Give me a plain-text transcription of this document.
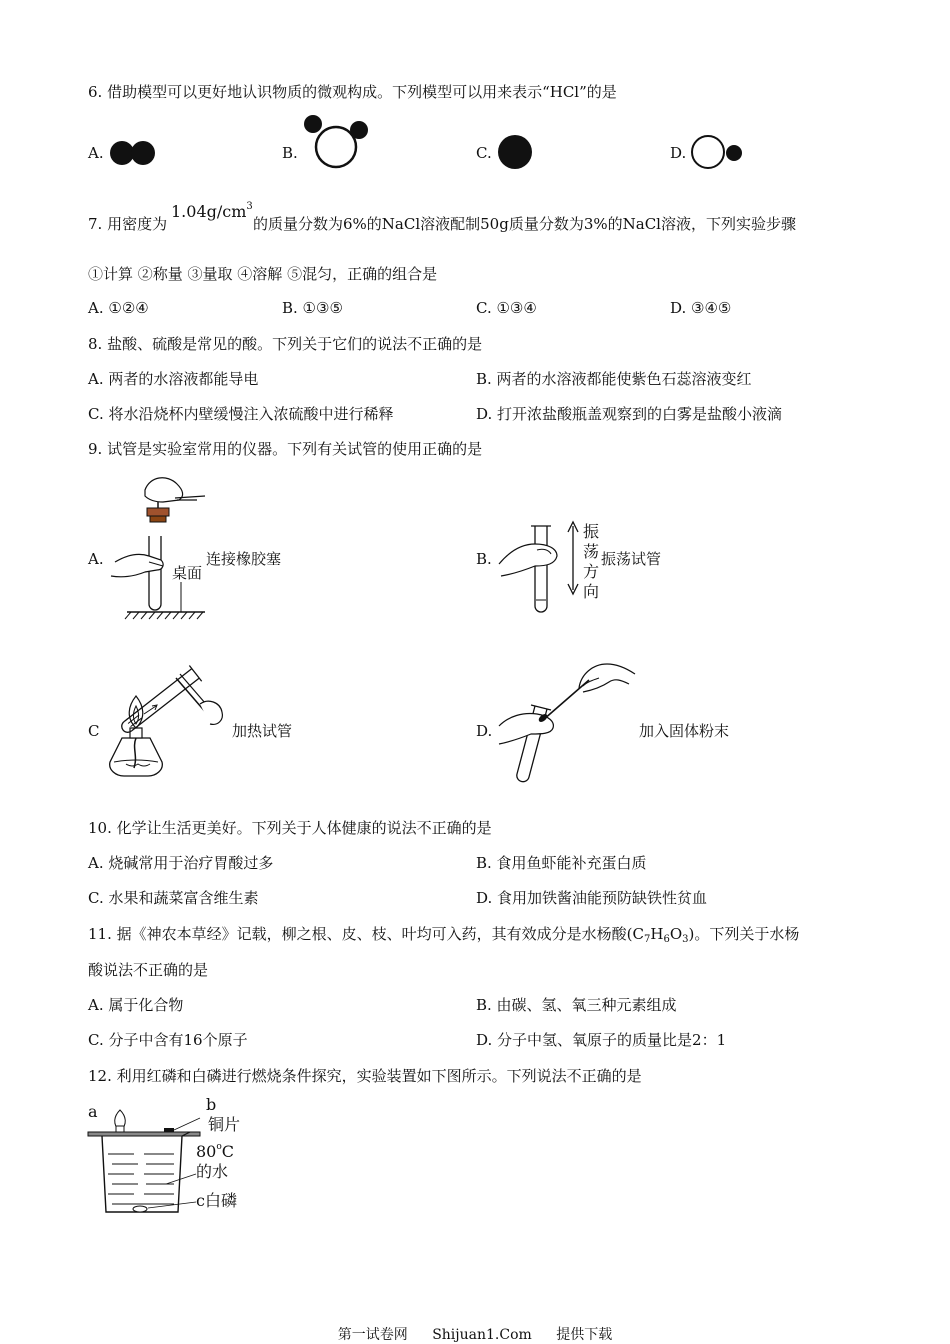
6. 借助模型可以更好地认识物质的微观构成。下列模型可以用来表示“HCl”的是
A.	B.	C.	D.
7. 用密度为
$1.04g/cm^3$
的质量分数为6%的NaCl溶液配制50g质量分数为3%的NaCl溶液，下列实验步骤
①计算 ②称量 ③量取 ④溶解 ⑤混匀，正确的组合是
A. ①②④	B. ①③⑤	C. ①③④	D. ③④⑤
8. 盐酸、硫酸是常见的酸。下列关于它们的说法不正确的是
A. 两者的水溶液都能导电	B. 两者的水溶液都能使紫色石蕊溶液变红
C. 将水沿烧杯内壁缓慢注入浓硫酸中进行稀释	D. 打开浓盐酸瓶盖观察到的白雾是盐酸小液滴
9. 试管是实验室常用的仪器。下列有关试管的使用正确的是
A.
桌面
连接橡胶塞	B.
振
荡
方
向
振荡试管
C	加热试管	D.	加入固体粉末
10. 化学让生活更美好。下列关于人体健康的说法不正确的是
A. 烧碱常用于治疗胃酸过多	B. 食用鱼虾能补充蛋白质
C. 水果和蔬菜富含维生素	D. 食用加铁酱油能预防缺铁性贫血
11. 据《神农本草经》记载，柳之根、皮、枝、叶均可入药，其有效成分是水杨酸$(C_7H_6O_3)$。下列关于水杨
酸说法不正确的是
A. 属于化合物	B. 由碳、氢、氧三种元素组成
C. 分子中含有16个原子	D. 分子中氢、氧原子的质量比是2：1
12. 利用红磷和白磷进行燃烧条件探究，实验装置如下图所示。下列说法不正确的是
a	b
铜片
80$^o$C
的水
c白磷
第一试卷网 Shijuan1.Com 提供下载
